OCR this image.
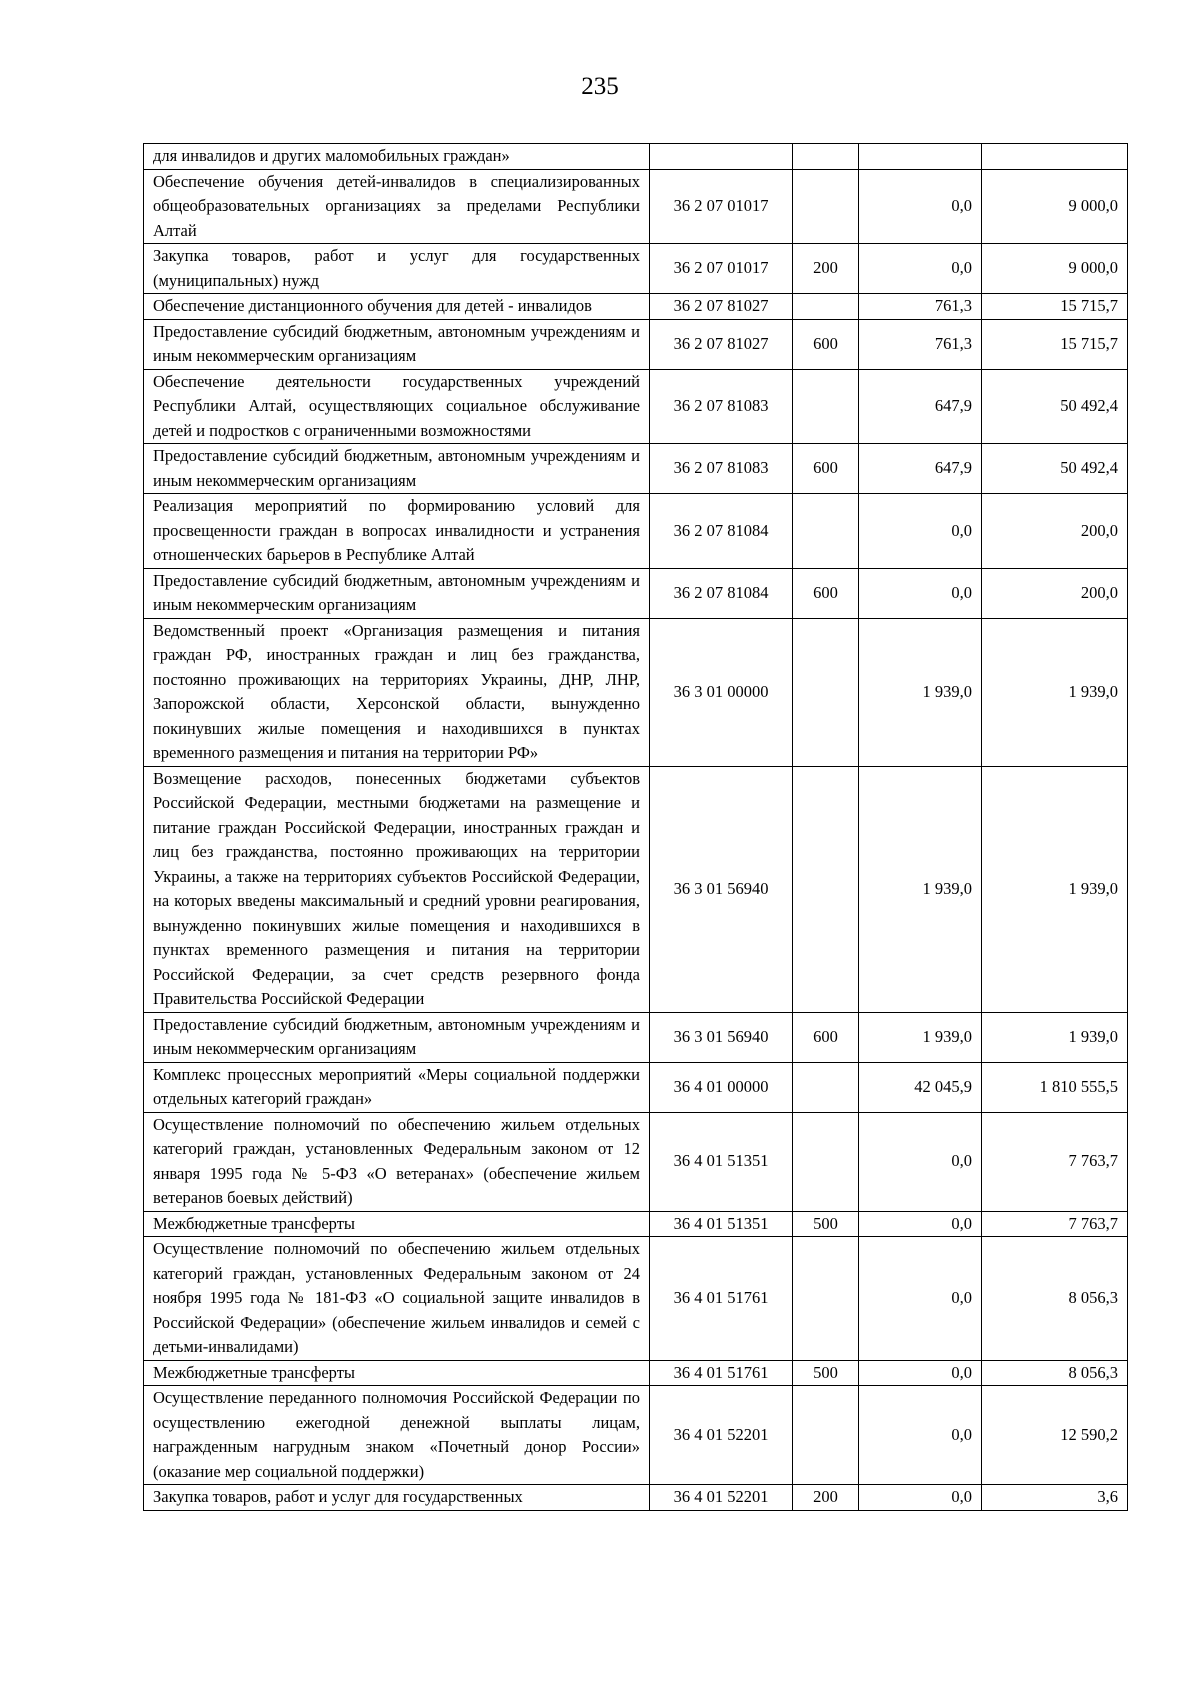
235
для инвалидов и других маломобильных граждан»				
Обеспечение обучения детей-инвалидов в специализированных общеобразовательных организациях за пределами Республики Алтай	36 2 07 01017		0,0	9 000,0
Закупка товаров, работ и услуг для государственных (муниципальных) нужд	36 2 07 01017	200	0,0	9 000,0
Обеспечение дистанционного обучения для детей - инвалидов	36 2 07 81027		761,3	15 715,7
Предоставление субсидий бюджетным, автономным учреждениям и иным некоммерческим организациям	36 2 07 81027	600	761,3	15 715,7
Обеспечение деятельности государственных учреждений Республики Алтай, осуществляющих социальное обслуживание детей и подростков с ограниченными возможностями	36 2 07 81083		647,9	50 492,4
Предоставление субсидий бюджетным, автономным учреждениям и иным некоммерческим организациям	36 2 07 81083	600	647,9	50 492,4
Реализация мероприятий по формированию условий для просвещенности граждан в вопросах инвалидности и устранения отношенческих барьеров в Республике Алтай	36 2 07 81084		0,0	200,0
Предоставление субсидий бюджетным, автономным учреждениям и иным некоммерческим организациям	36 2 07 81084	600	0,0	200,0
Ведомственный проект «Организация размещения и питания граждан РФ, иностранных граждан и лиц без гражданства, постоянно проживающих на территориях Украины, ДНР, ЛНР, Запорожской области, Херсонской области, вынужденно покинувших жилые помещения и находившихся в пунктах временного размещения и питания на территории РФ»	36 3 01 00000		1 939,0	1 939,0
Возмещение расходов, понесенных бюджетами субъектов Российской Федерации, местными бюджетами на размещение и питание граждан Российской Федерации, иностранных граждан и лиц без гражданства, постоянно проживающих на территории Украины, а также на территориях субъектов Российской Федерации, на которых введены максимальный и средний уровни реагирования, вынужденно покинувших жилые помещения и находившихся в пунктах временного размещения и питания на территории Российской Федерации, за счет средств резервного фонда Правительства Российской Федерации	36 3 01 56940		1 939,0	1 939,0
Предоставление субсидий бюджетным, автономным учреждениям и иным некоммерческим организациям	36 3 01 56940	600	1 939,0	1 939,0
Комплекс процессных мероприятий «Меры социальной поддержки отдельных категорий граждан»	36 4 01 00000		42 045,9	1 810 555,5
Осуществление полномочий по обеспечению жильем отдельных категорий граждан, установленных Федеральным законом от 12 января 1995 года № 5-ФЗ «О ветеранах» (обеспечение жильем ветеранов боевых действий)	36 4 01 51351		0,0	7 763,7
Межбюджетные трансферты	36 4 01 51351	500	0,0	7 763,7
Осуществление полномочий по обеспечению жильем отдельных категорий граждан, установленных Федеральным законом от 24 ноября 1995 года № 181-ФЗ «О социальной защите инвалидов в Российской Федерации» (обеспечение жильем инвалидов и семей с детьми-инвалидами)	36 4 01 51761		0,0	8 056,3
Межбюджетные трансферты	36 4 01 51761	500	0,0	8 056,3
Осуществление переданного полномочия Российской Федерации по осуществлению ежегодной денежной выплаты лицам, награжденным нагрудным знаком «Почетный донор России» (оказание мер социальной поддержки)	36 4 01 52201		0,0	12 590,2
Закупка товаров, работ и услуг для государственных	36 4 01 52201	200	0,0	3,6
